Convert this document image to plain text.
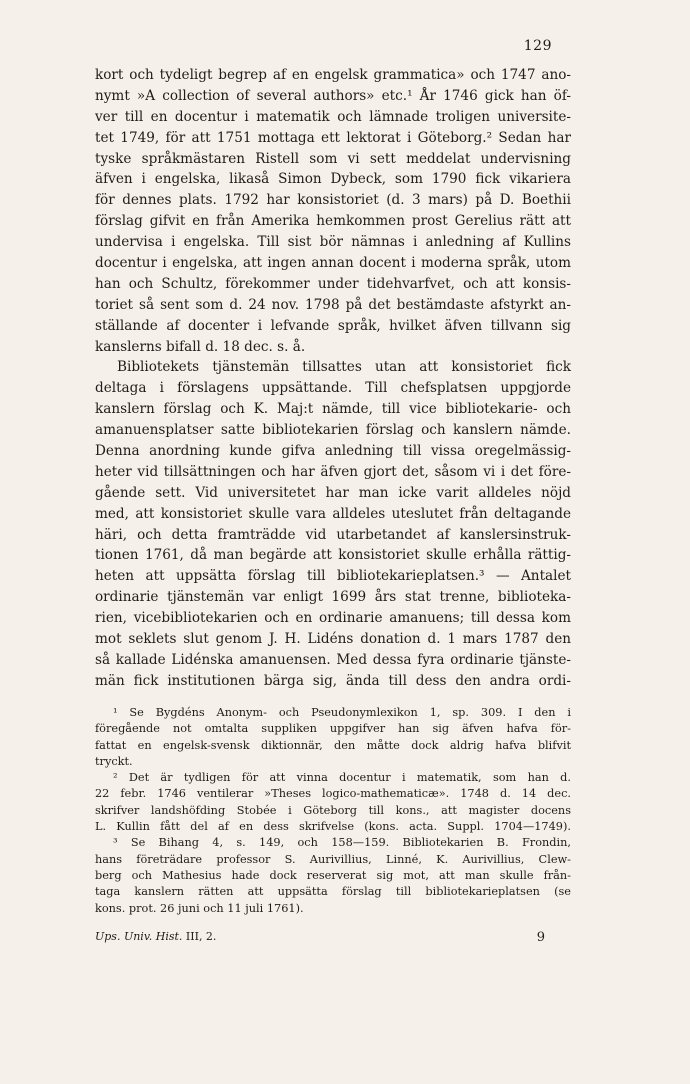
129
kort och tydeligt begrep af en engelsk grammatica» och 1747 ano-
nymt »A collection of several authors» etc.¹ År 1746 gick han öf-
ver till en docentur i matematik och lämnade troligen universite-
tet 1749, för att 1751 mottaga ett lektorat i Göteborg.² Sedan har
tyske språkmästaren Ristell som vi sett meddelat undervisning
äfven i engelska, likaså Simon Dybeck, som 1790 fick vikariera
för dennes plats. 1792 har konsistoriet (d. 3 mars) på D. Boethii
förslag gifvit en från Amerika hemkommen prost Gerelius rätt att
undervisa i engelska. Till sist bör nämnas i anledning af Kullins
docentur i engelska, att ingen annan docent i moderna språk, utom
han och Schultz, förekommer under tidehvarfvet, och att konsis-
toriet så sent som d. 24 nov. 1798 på det bestämdaste afstyrkt an-
ställande af docenter i lefvande språk, hvilket äfven tillvann sig
kanslerns bifall d. 18 dec. s. å.
Bibliotekets tjänstemän tillsattes utan att konsistoriet fick
deltaga i förslagens uppsättande. Till chefsplatsen uppgjorde
kanslern förslag och K. Maj:t nämde, till vice bibliotekarie- och
amanuensplatser satte bibliotekarien förslag och kanslern nämde.
Denna anordning kunde gifva anledning till vissa oregelmässig-
heter vid tillsättningen och har äfven gjort det, såsom vi i det före-
gående sett. Vid universitetet har man icke varit alldeles nöjd
med, att konsistoriet skulle vara alldeles uteslutet från deltagande
häri, och detta framträdde vid utarbetandet af kanslersinstruk-
tionen 1761, då man begärde att konsistoriet skulle erhålla rättig-
heten att uppsätta förslag till bibliotekarieplatsen.³ — Antalet
ordinarie tjänstemän var enligt 1699 års stat trenne, biblioteka-
rien, vicebibliotekarien och en ordinarie amanuens; till dessa kom
mot seklets slut genom J. H. Lidéns donation d. 1 mars 1787 den
så kallade Lidénska amanuensen. Med dessa fyra ordinarie tjänste-
män fick institutionen bärga sig, ända till dess den andra ordi-
¹ Se Bygdéns Anonym- och Pseudonymlexikon 1, sp. 309. I den i
föregående not omtalta suppliken uppgifver han sig äfven hafva för-
fattat en engelsk-svensk diktionnär, den måtte dock aldrig hafva blifvit
tryckt.
² Det är tydligen för att vinna docentur i matematik, som han d.
22 febr. 1746 ventilerar »Theses logico-mathematicæ». 1748 d. 14 dec.
skrifver landshöfding Stobée i Göteborg till kons., att magister docens
L. Kullin fått del af en dess skrifvelse (kons. acta. Suppl. 1704—1749).
³ Se Bihang 4, s. 149, och 158—159. Bibliotekarien B. Frondin,
hans företrädare professor S. Aurivillius, Linné, K. Aurivillius, Clew-
berg och Mathesius hade dock reserverat sig mot, att man skulle från-
taga kanslern rätten att uppsätta förslag till bibliotekarieplatsen (se
kons. prot. 26 juni och 11 juli 1761).
Ups. Univ. Hist. III, 2.	9
